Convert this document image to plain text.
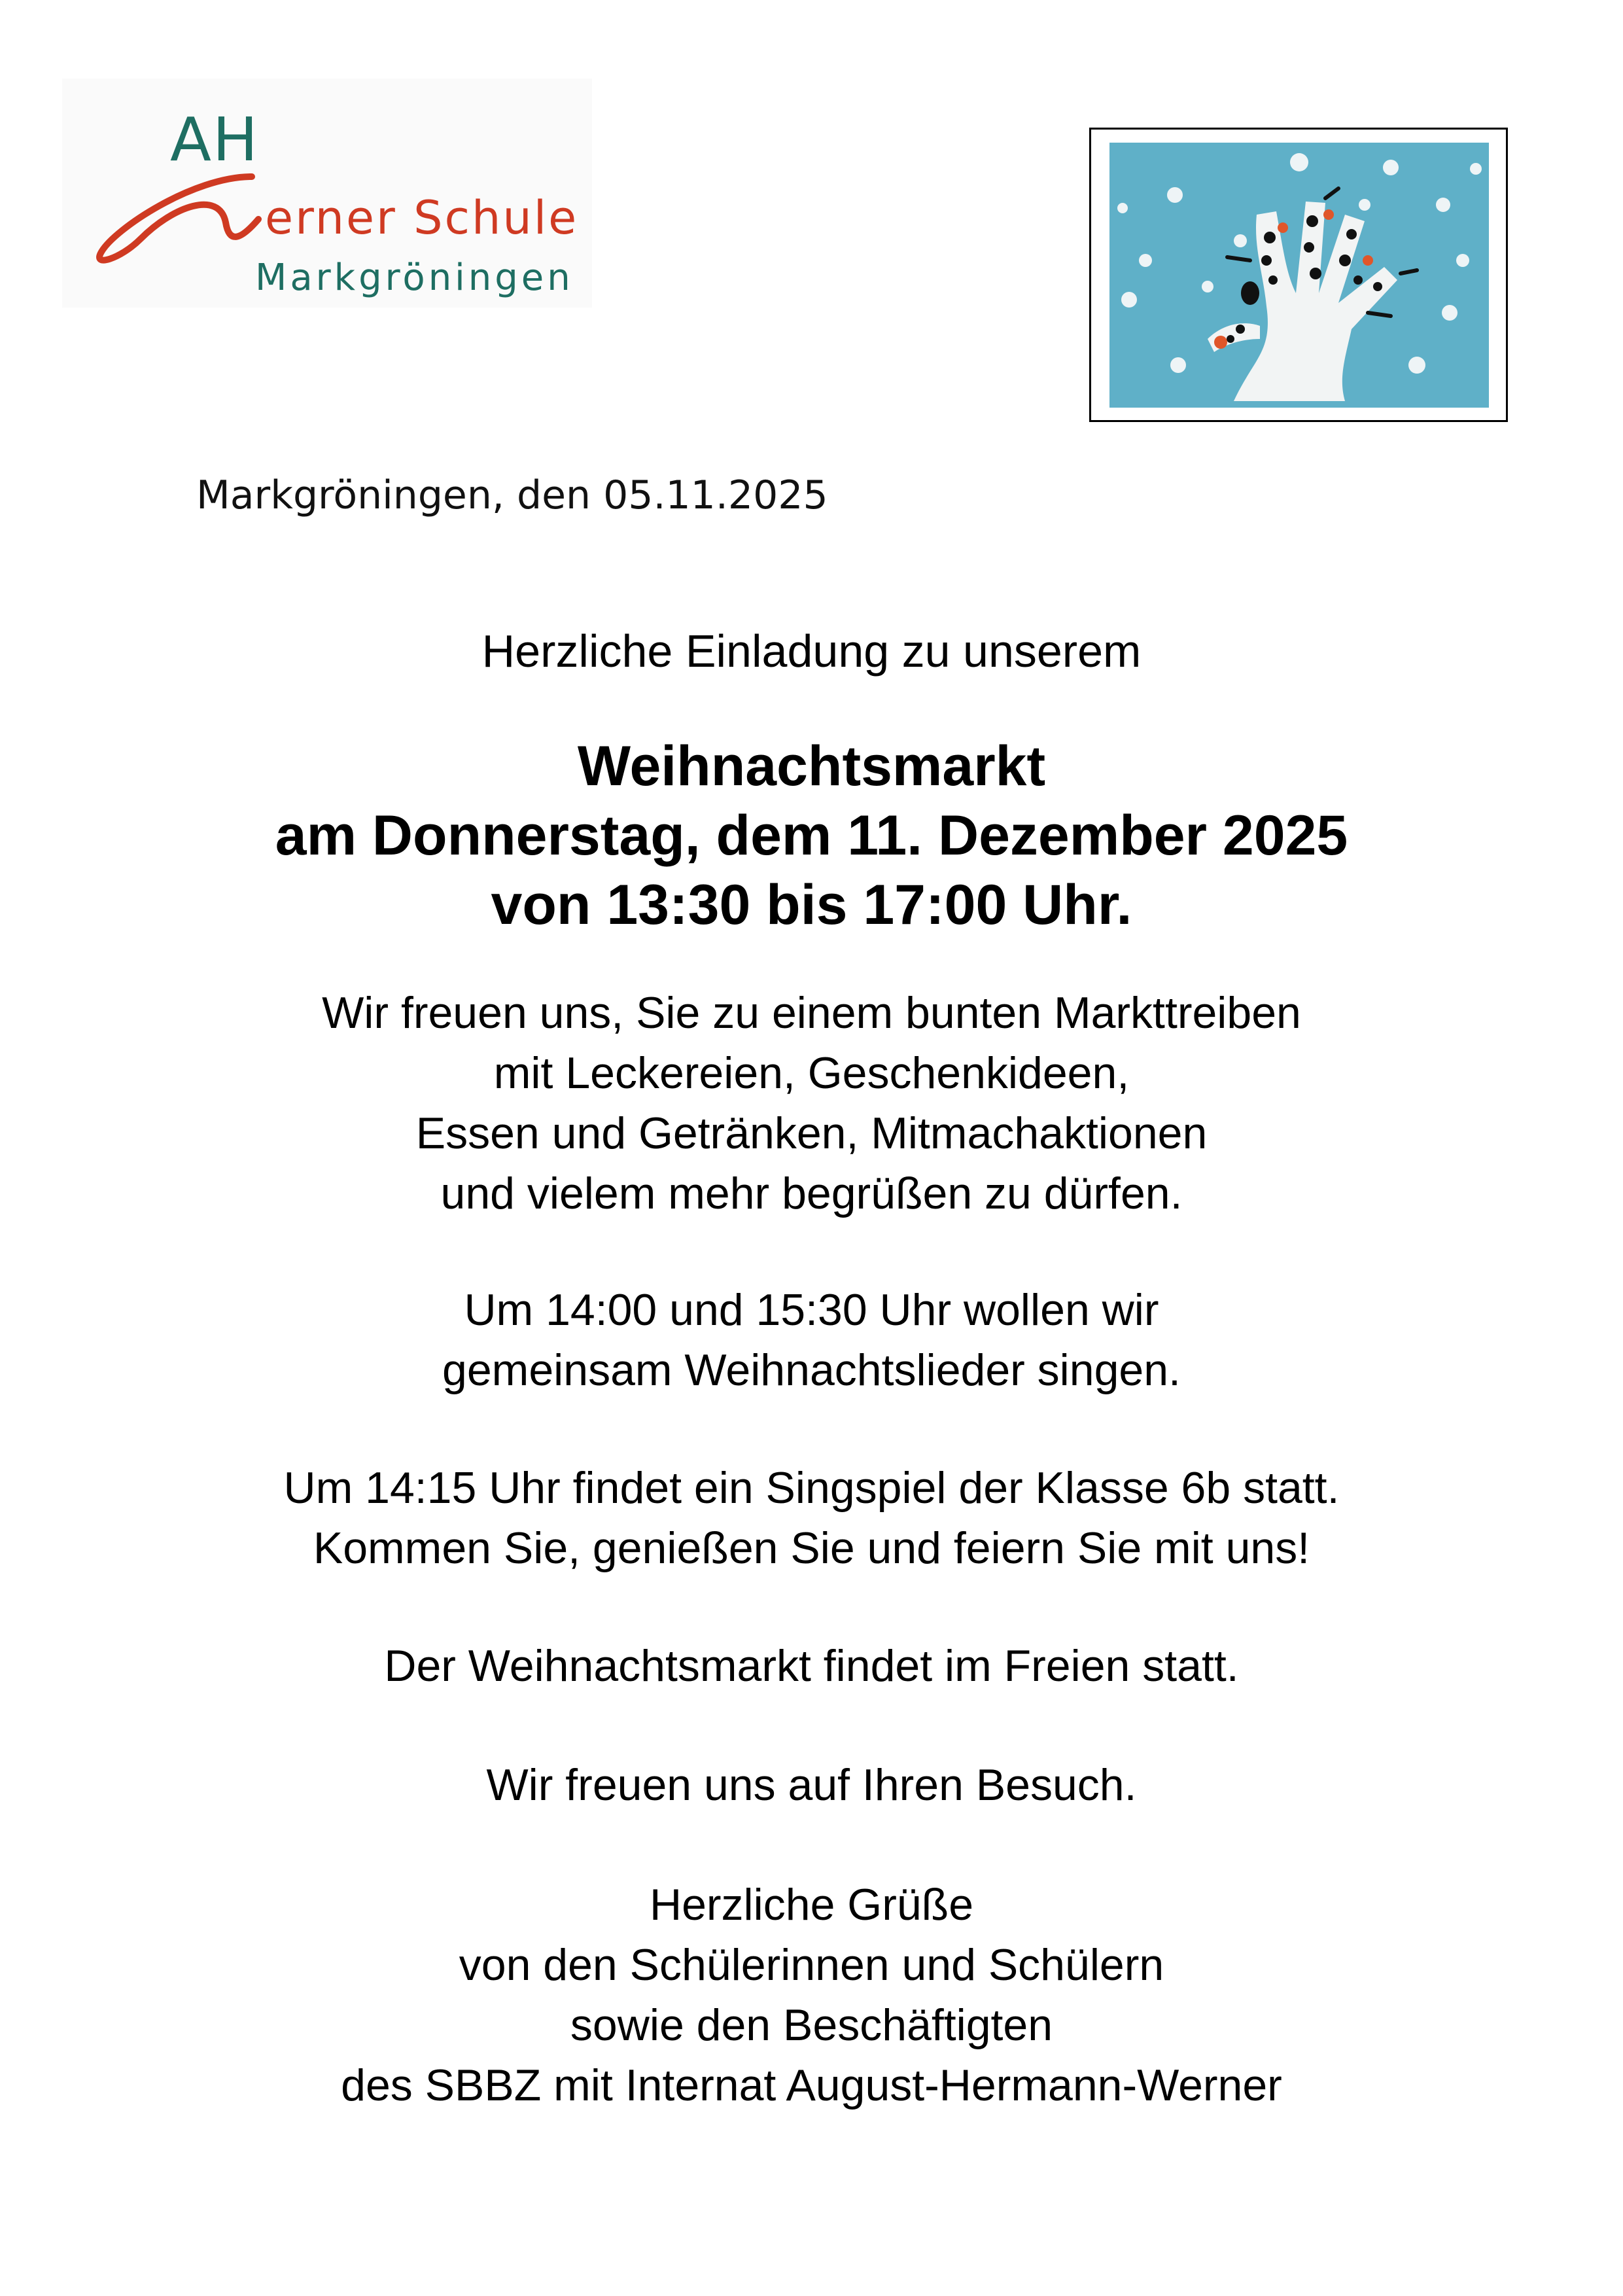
AH
erner Schule
Markgröningen
Markgröningen, den 05.11.2025
Herzliche Einladung zu unserem
Weihnachtsmarkt
am Donnerstag, dem 11. Dezember 2025
von 13:30 bis 17:00 Uhr.
Wir freuen uns, Sie zu einem bunten Markttreiben
mit Leckereien, Geschenkideen,
Essen und Getränken, Mitmachaktionen
und vielem mehr begrüßen zu dürfen.
Um 14:00 und 15:30 Uhr wollen wir
gemeinsam Weihnachtslieder singen.
Um 14:15 Uhr findet ein Singspiel der Klasse 6b statt.
Kommen Sie, genießen Sie und feiern Sie mit uns!
Der Weihnachtsmarkt findet im Freien statt.
Wir freuen uns auf Ihren Besuch.
Herzliche Grüße
von den Schülerinnen und Schülern
sowie den Beschäftigten
des SBBZ mit Internat August-Hermann-Werner
